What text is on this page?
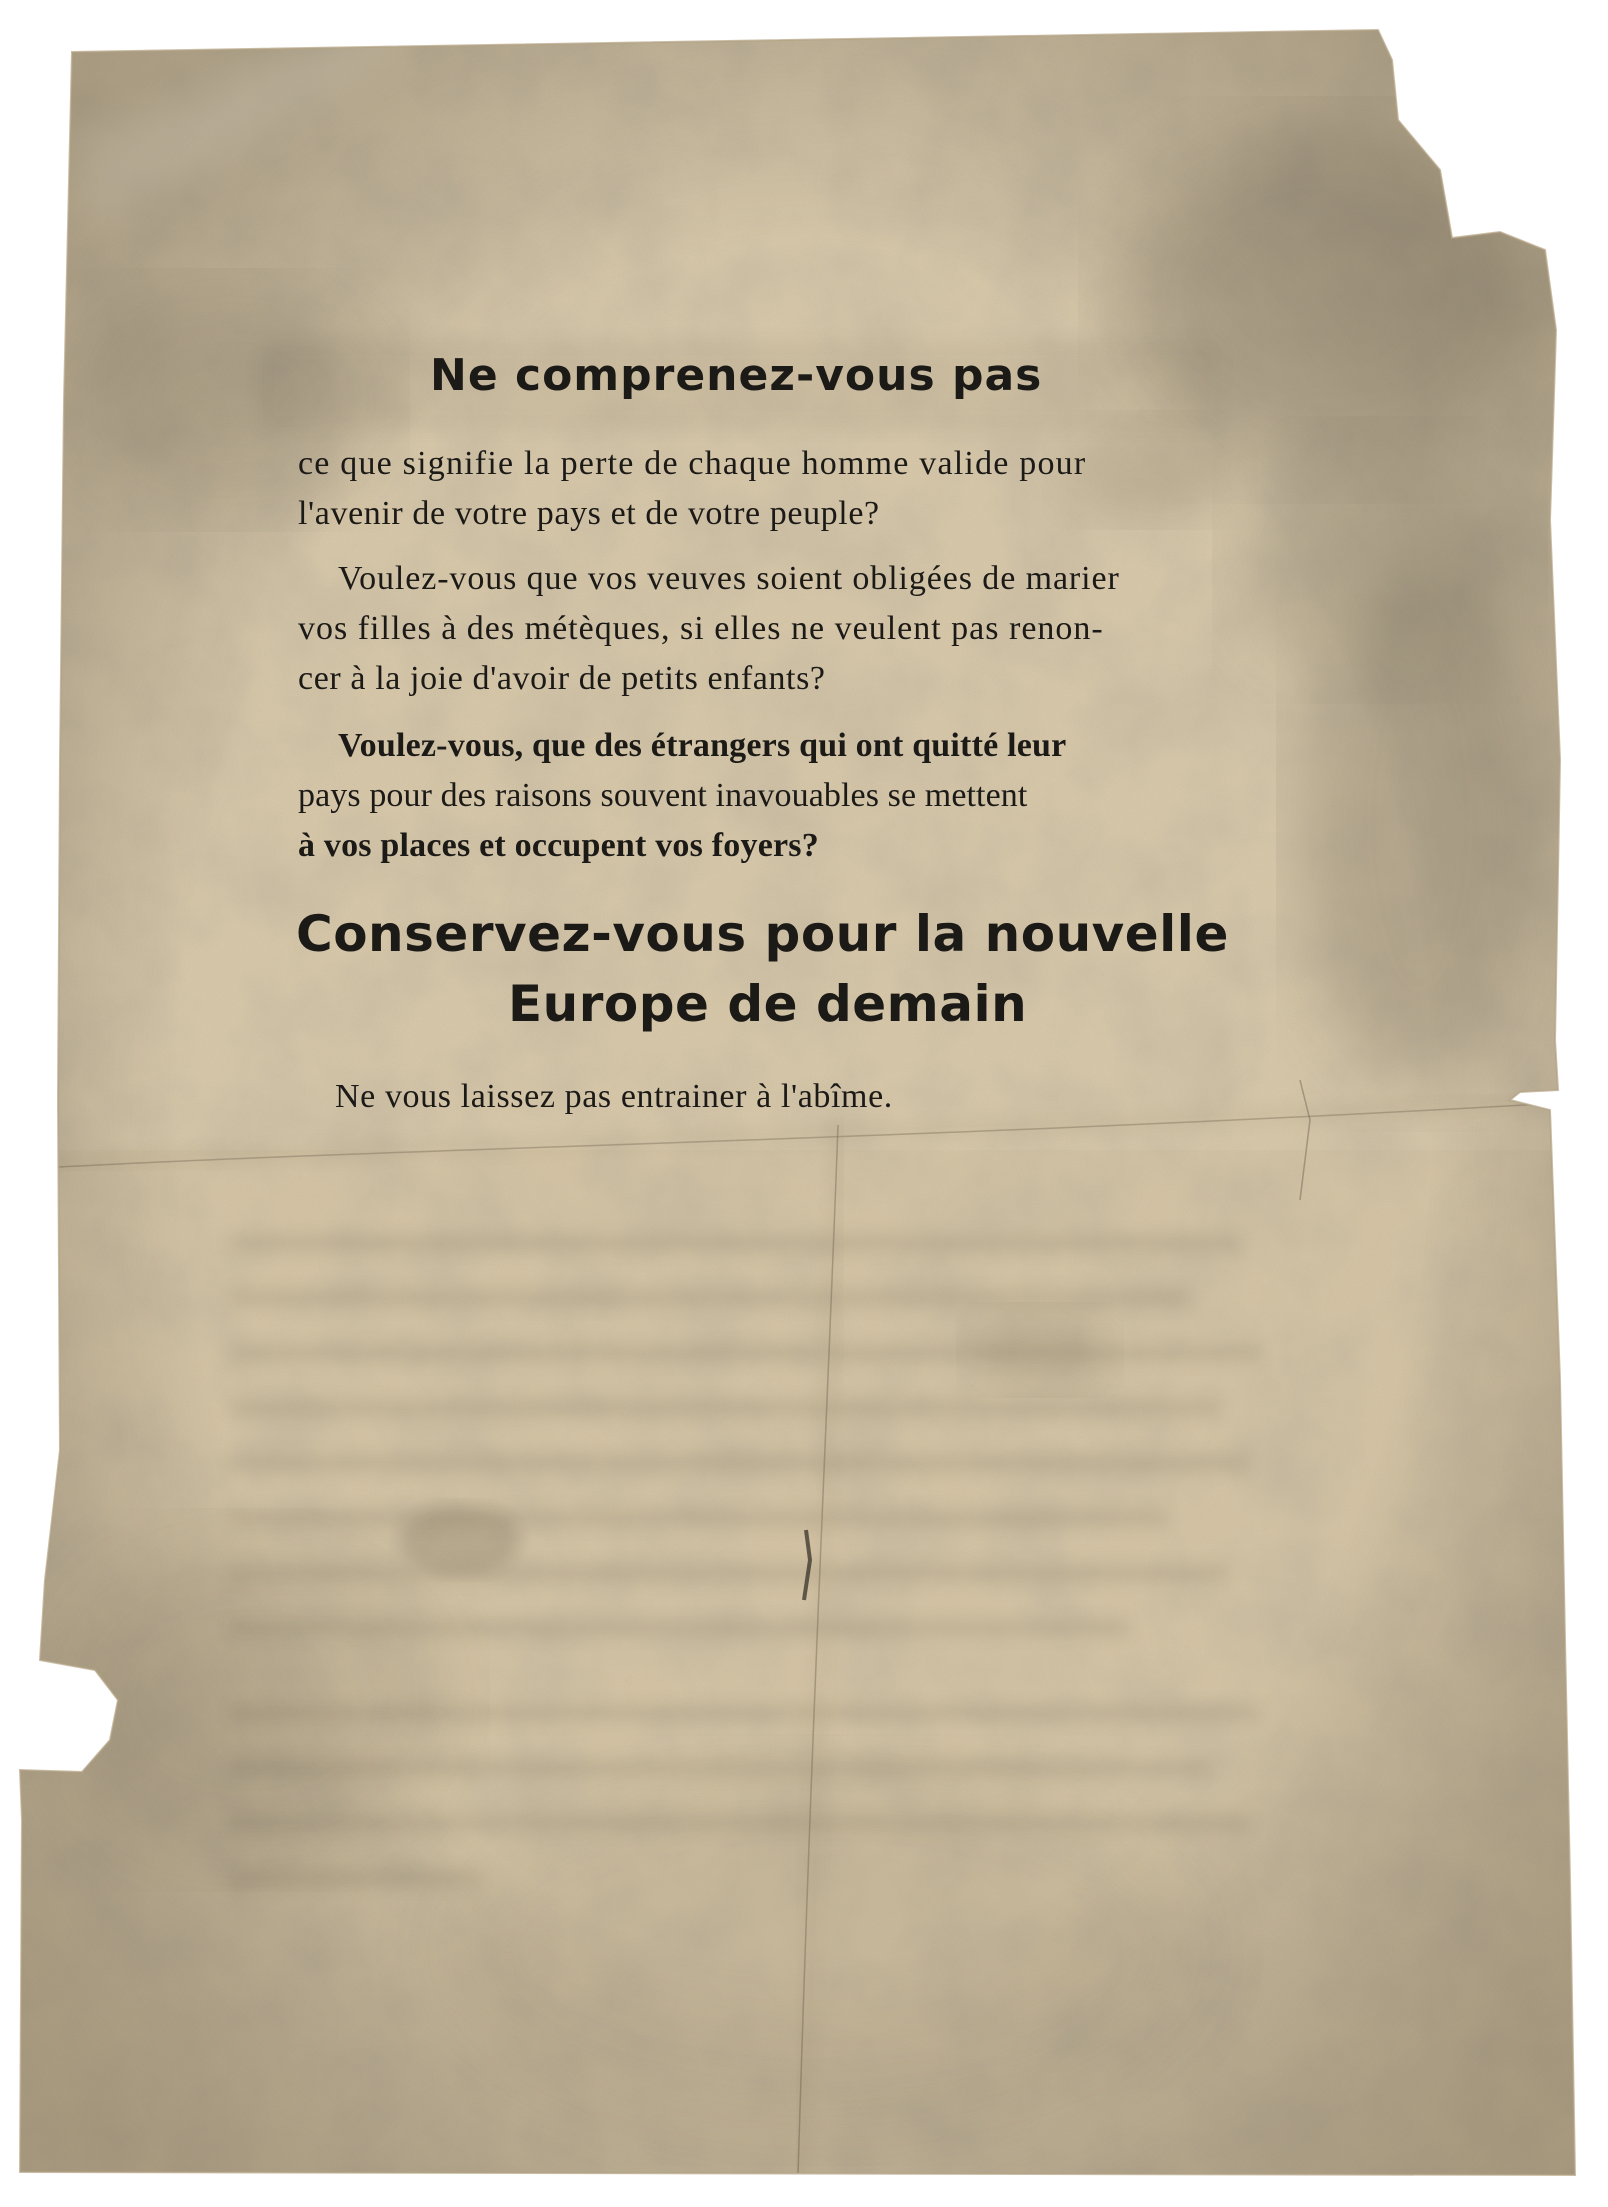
Ne comprenez-vous pas
ce que signifie la perte de chaque homme valide pour
l'avenir de votre pays et de votre peuple?
Voulez-vous que vos veuves soient obligées de marier
vos filles à des métèques, si elles ne veulent pas renon-
cer à la joie d'avoir de petits enfants?
Voulez-vous, que des étrangers qui ont quitté leur
pays pour des raisons souvent inavouables se mettent
à vos places et occupent vos foyers?
Conservez-vous pour la nouvelle
Europe de demain
Ne vous laissez pas entrainer à l'abîme.
